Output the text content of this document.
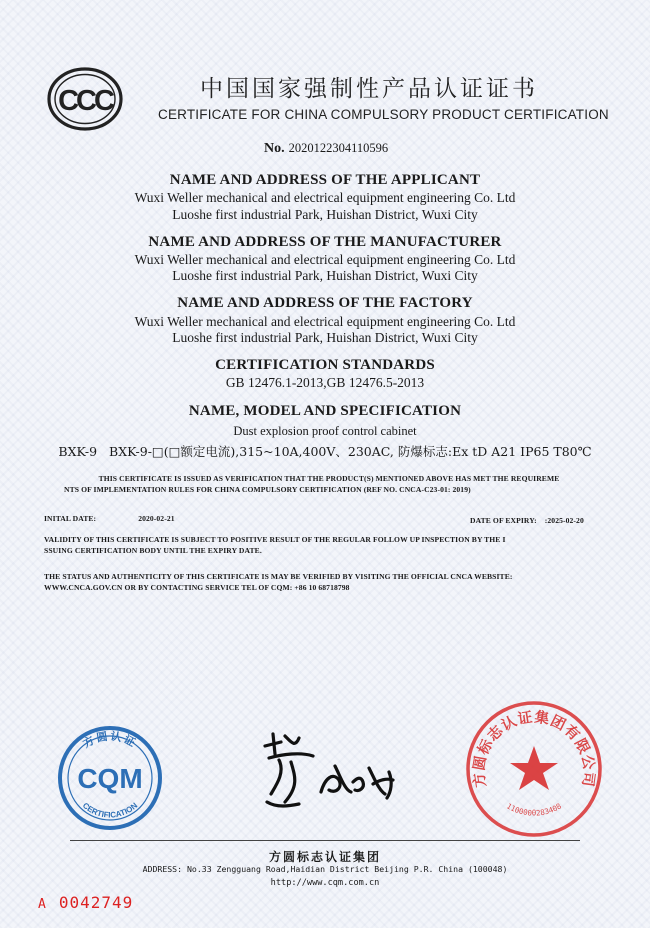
CCC	中国国家强制性产品认证证书
CERTIFICATE FOR CHINA COMPULSORY PRODUCT CERTIFICATION
No. 2020122304110596
NAME AND ADDRESS OF THE APPLICANT
Wuxi Weller mechanical and electrical equipment engineering Co. Ltd
Luoshe first industrial Park, Huishan District, Wuxi City
NAME AND ADDRESS OF THE MANUFACTURER
Wuxi Weller mechanical and electrical equipment engineering Co. Ltd
Luoshe first industrial Park, Huishan District, Wuxi City
NAME AND ADDRESS OF THE FACTORY
Wuxi Weller mechanical and electrical equipment engineering Co. Ltd
Luoshe first industrial Park, Huishan District, Wuxi City
CERTIFICATION STANDARDS
GB 12476.1-2013,GB 12476.5-2013
NAME, MODEL AND SPECIFICATION
Dust explosion proof control cabinet
BXK-9   BXK-9-□(□额定电流),315~10A,400V、230AC, 防爆标志:Ex tD A21 IP65 T80℃
THIS CERTIFICATE IS ISSUED AS VERIFICATION THAT THE PRODUCT(S) MENTIONED ABOVE HAS MET THE REQUIREME
NTS OF IMPLEMENTATION RULES FOR CHINA COMPULSORY CERTIFICATION (REF NO. CNCA-C23-01: 2019)
INITAL DATE:	2020-02-21	DATE OF EXPIRY: :2025-02-20
VALIDITY OF THIS CERTIFICATE IS SUBJECT TO POSITIVE RESULT OF THE REGULAR FOLLOW UP INSPECTION BY THE I
SSUING CERTIFICATION BODY UNTIL THE EXPIRY DATE.
THE STATUS AND AUTHENTICITY OF THIS CERTIFICATE IS MAY BE VERIFIED BY VISITING THE OFFICIAL CNCA WEBSITE:
WWW.CNCA.GOV.CN OR BY CONTACTING SERVICE TEL OF CQM: +86 10 68718798
方圆认证
CQM
CERTIFICATION
方圆标志认证集团有限公司
1100000283408
方圆标志认证集团
ADDRESS: No.33 Zengguang Road,Haidian District Beijing P.R. China (100048)
http://www.cqm.com.cn
A 0042749
